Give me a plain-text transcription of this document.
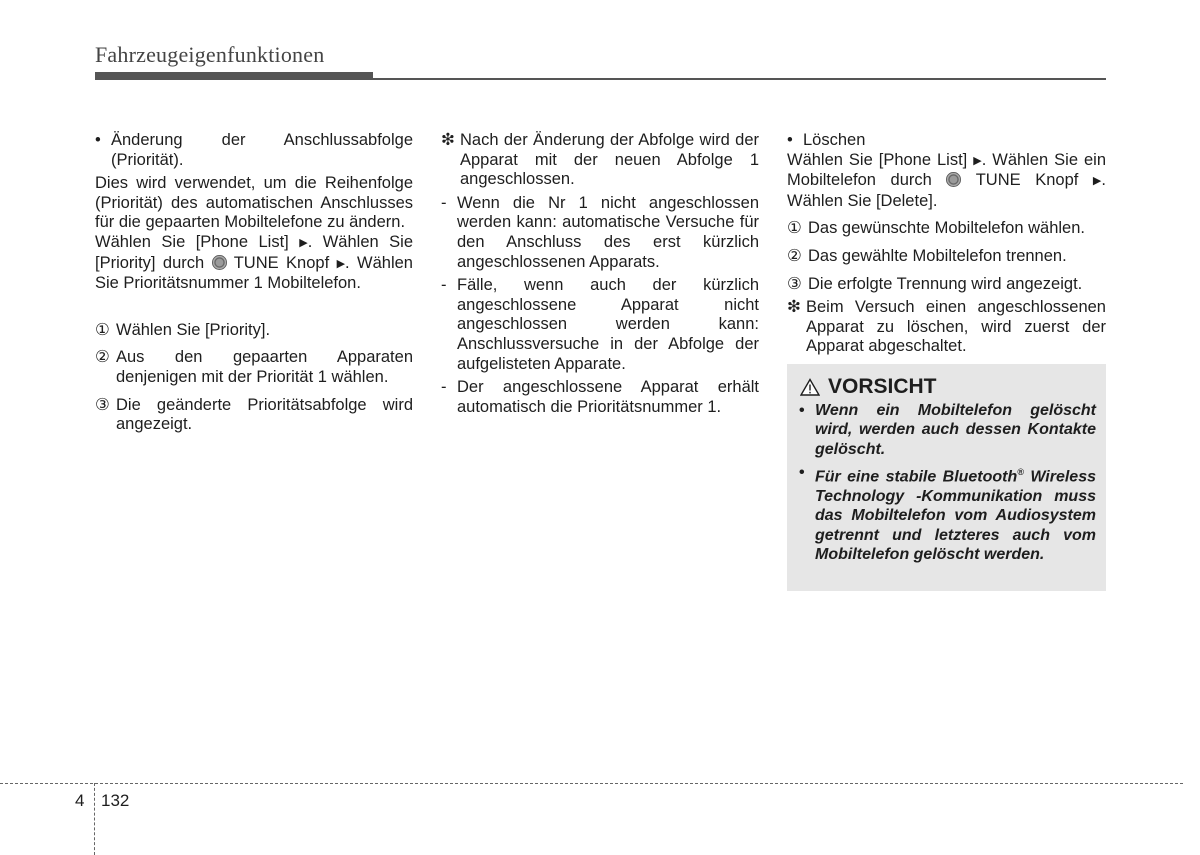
Fahrzeugeigenfunktionen
• Änderung der Anschlussabfolge (Priorität).

Dies wird verwendet, um die Reihenfolge (Priorität) des automatischen Anschlusses für die gepaarten Mobiltelefone zu ändern.

Wählen Sie [Phone List] ▶. Wählen Sie [Priority] durch  TUNE Knopf ▶. Wählen Sie Prioritätsnummer 1 Mobiltelefon.

① Wählen Sie [Priority].
② Aus den gepaarten Apparaten denjenigen mit der Priorität 1 wählen.
③ Die geänderte Prioritätsabfolge wird angezeigt.
❇ Nach der Änderung der Abfolge wird der Apparat mit der neuen Abfolge 1 angeschlossen.
- Wenn die Nr 1 nicht angeschlossen werden kann: automatische Versuche für den Anschluss des erst kürzlich angeschlossenen Apparats.
- Fälle, wenn auch der kürzlich angeschlossene Apparat nicht angeschlossen werden kann: Anschlussversuche in der Abfolge der aufgelisteten Apparate.
- Der angeschlossene Apparat erhält automatisch die Prioritätsnummer 1.
• Löschen

Wählen Sie [Phone List] ▶. Wählen Sie ein Mobiltelefon durch  TUNE Knopf ▶. Wählen Sie [Delete].

① Das gewünschte Mobiltelefon wählen.
② Das gewählte Mobiltelefon trennen.
③ Die erfolgte Trennung wird angezeigt.
❇ Beim Versuch einen angeschlossenen Apparat zu löschen, wird zuerst der Apparat abgeschaltet.
VORSICHT
• Wenn ein Mobiltelefon gelöscht wird, werden auch dessen Kontakte gelöscht.
• Für eine stabile Bluetooth® Wireless Technology -Kommunikation muss das Mobiltelefon vom Audiosystem getrennt und letzteres auch vom Mobiltelefon gelöscht werden.
4 132
